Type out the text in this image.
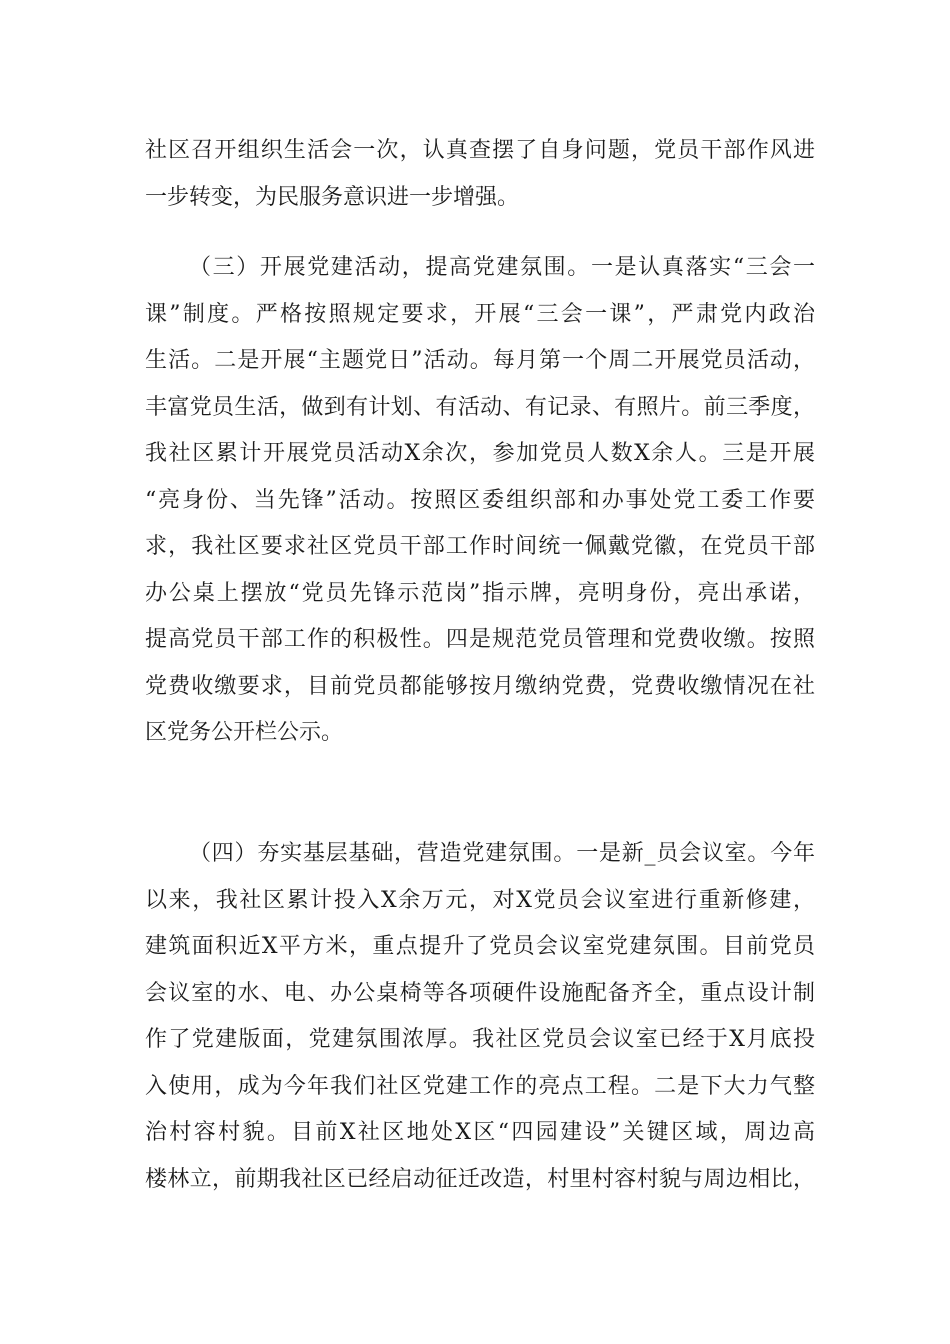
社区召开组织生活会一次，认真查摆了自身问题，党员干部作风进
一步转变，为民服务意识进一步增强。
（三）开展党建活动，提高党建氛围。一是认真落实“三会一
课”制度。严格按照规定要求，开展“三会一课”，严肃党内政治
生活。二是开展“主题党日”活动。每月第一个周二开展党员活动，
丰富党员生活，做到有计划、有活动、有记录、有照片。前三季度，
我社区累计开展党员活动X余次，参加党员人数X余人。三是开展
“亮身份、当先锋”活动。按照区委组织部和办事处党工委工作要
求，我社区要求社区党员干部工作时间统一佩戴党徽，在党员干部
办公桌上摆放“党员先锋示范岗”指示牌，亮明身份，亮出承诺，
提高党员干部工作的积极性。四是规范党员管理和党费收缴。按照
党费收缴要求，目前党员都能够按月缴纳党费，党费收缴情况在社
区党务公开栏公示。
（四）夯实基层基础，营造党建氛围。一是新_员会议室。今年
以来，我社区累计投入X余万元，对X党员会议室进行重新修建，
建筑面积近X平方米，重点提升了党员会议室党建氛围。目前党员
会议室的水、电、办公桌椅等各项硬件设施配备齐全，重点设计制
作了党建版面，党建氛围浓厚。我社区党员会议室已经于X月底投
入使用，成为今年我们社区党建工作的亮点工程。二是下大力气整
治村容村貌。目前X社区地处X区“四园建设”关键区域，周边高
楼林立，前期我社区已经启动征迁改造，村里村容村貌与周边相比，
